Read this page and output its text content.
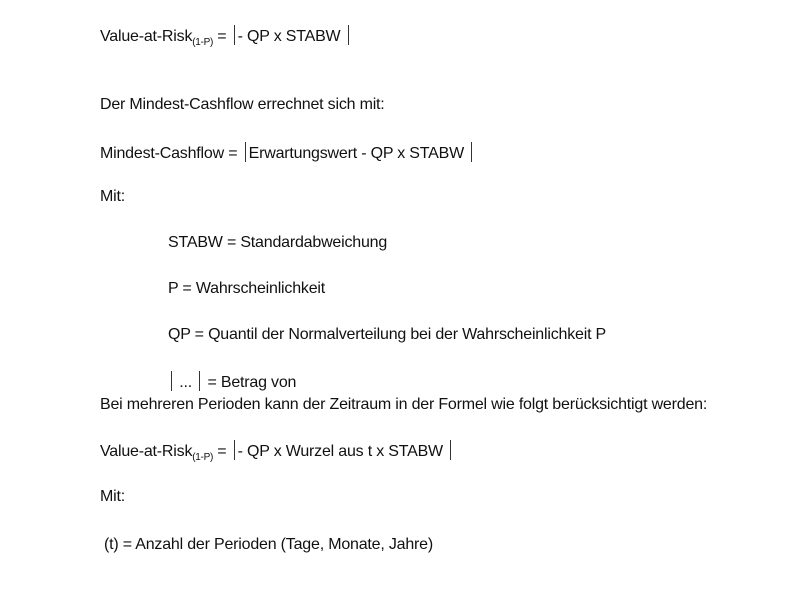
Value-at-Risk$_{(1-P)}$ = - QP x STABW
Der Mindest-Cashflow errechnet sich mit:
Mindest-Cashflow = Erwartungswert - QP x STABW
Mit:
STABW = Standardabweichung
P = Wahrscheinlichkeit
QP = Quantil der Normalverteilung bei der Wahrscheinlichkeit P
... = Betrag von
Bei mehreren Perioden kann der Zeitraum in der Formel wie folgt berücksichtigt werden:
Value-at-Risk$_{(1-P)}$ = - QP x Wurzel aus t x STABW
Mit:
(t) = Anzahl der Perioden (Tage, Monate, Jahre)
